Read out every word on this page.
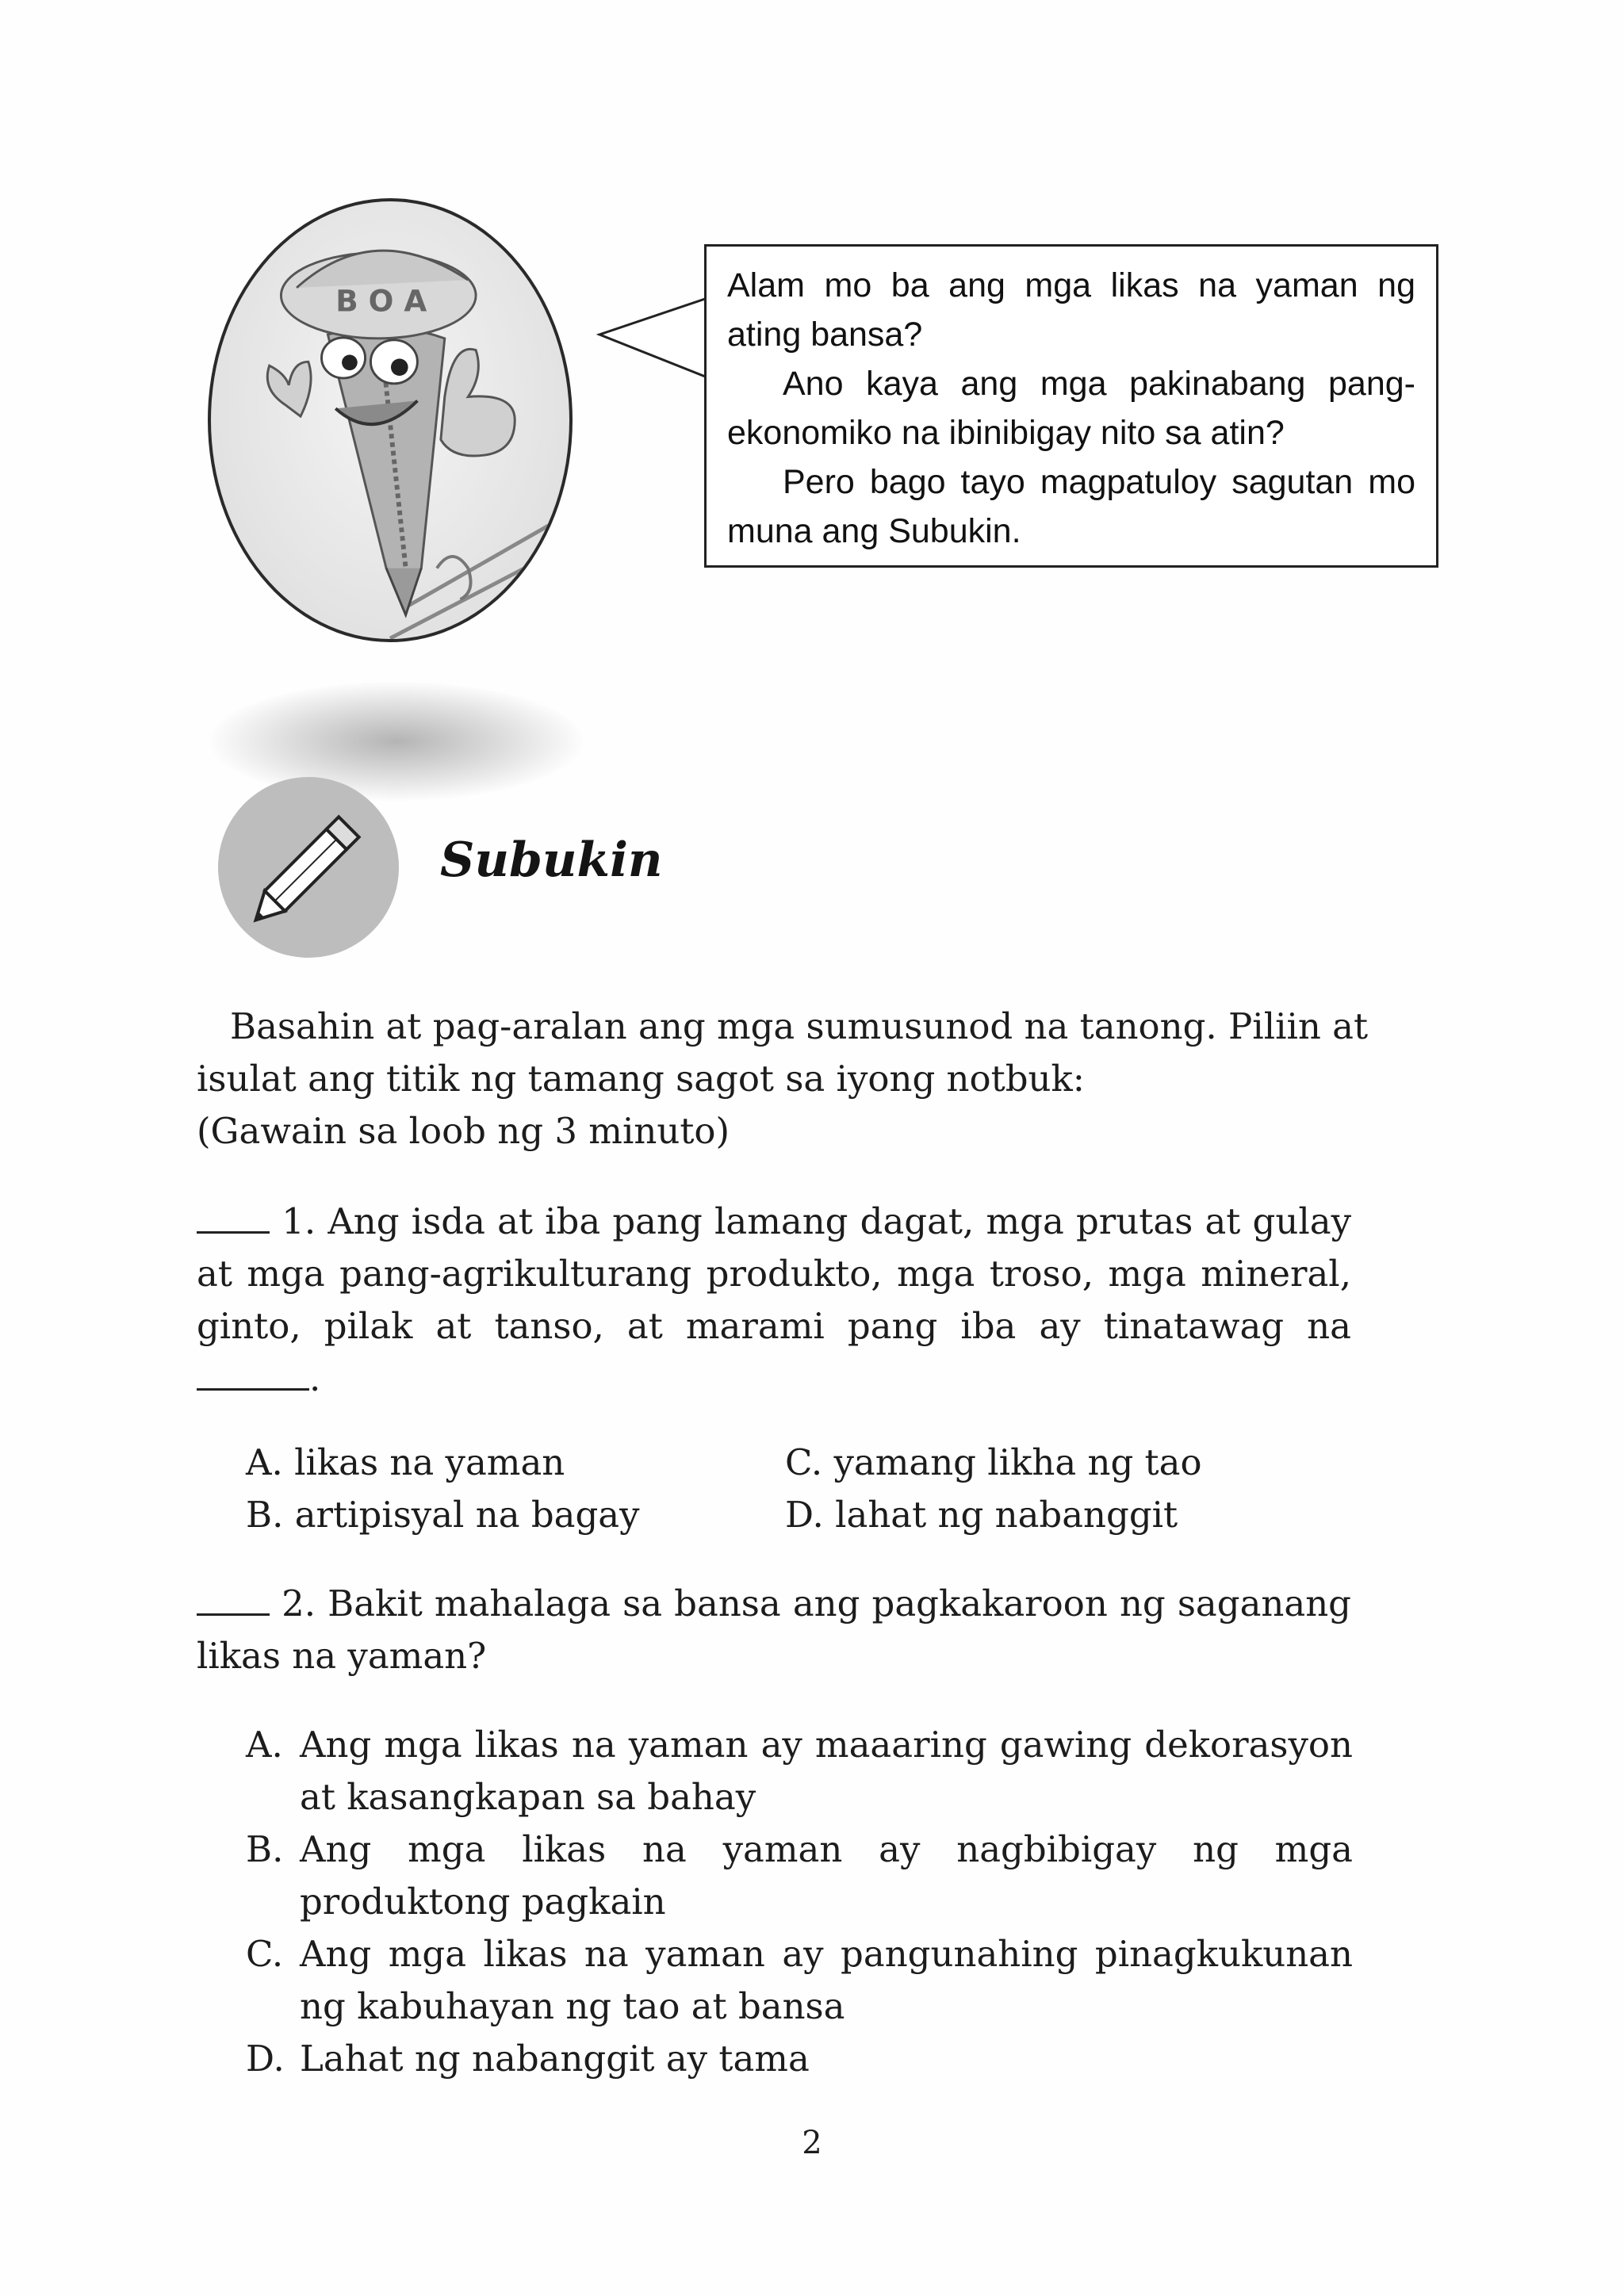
B O A	Alam mo ba ang mga likas na yaman ng ating bansa?

Ano kaya ang mga pakinabang pang-ekonomiko na ibinibigay nito sa atin?

Pero bago tayo magpatuloy sagutan mo muna ang Subukin.

Subukin

Basahin at pag-aralan ang mga sumusunod na tanong. Piliin at isulat ang titik ng tamang sagot sa iyong notbuk:

(Gawain sa loob ng 3 minuto)

1. Ang isda at iba pang lamang dagat, mga prutas at gulay at mga pang-agrikulturang produkto, mga troso, mga mineral, ginto, pilak at tanso, at marami pang iba ay tinatawag na .
A. likas na yaman	C. yamang likha ng tao
B. artipisyal na bagay	D. lahat ng nabanggit
2. Bakit mahalaga sa bansa ang pagkakaroon ng saganang likas na yaman?
A. Ang mga likas na yaman ay maaaring gawing dekorasyon at kasangkapan sa bahay
B. Ang mga likas na yaman ay nagbibigay ng mga produktong pagkain
C. Ang mga likas na yaman ay pangunahing pinagkukunan ng kabuhayan ng tao at bansa
D. Lahat ng nabanggit ay tama
2
